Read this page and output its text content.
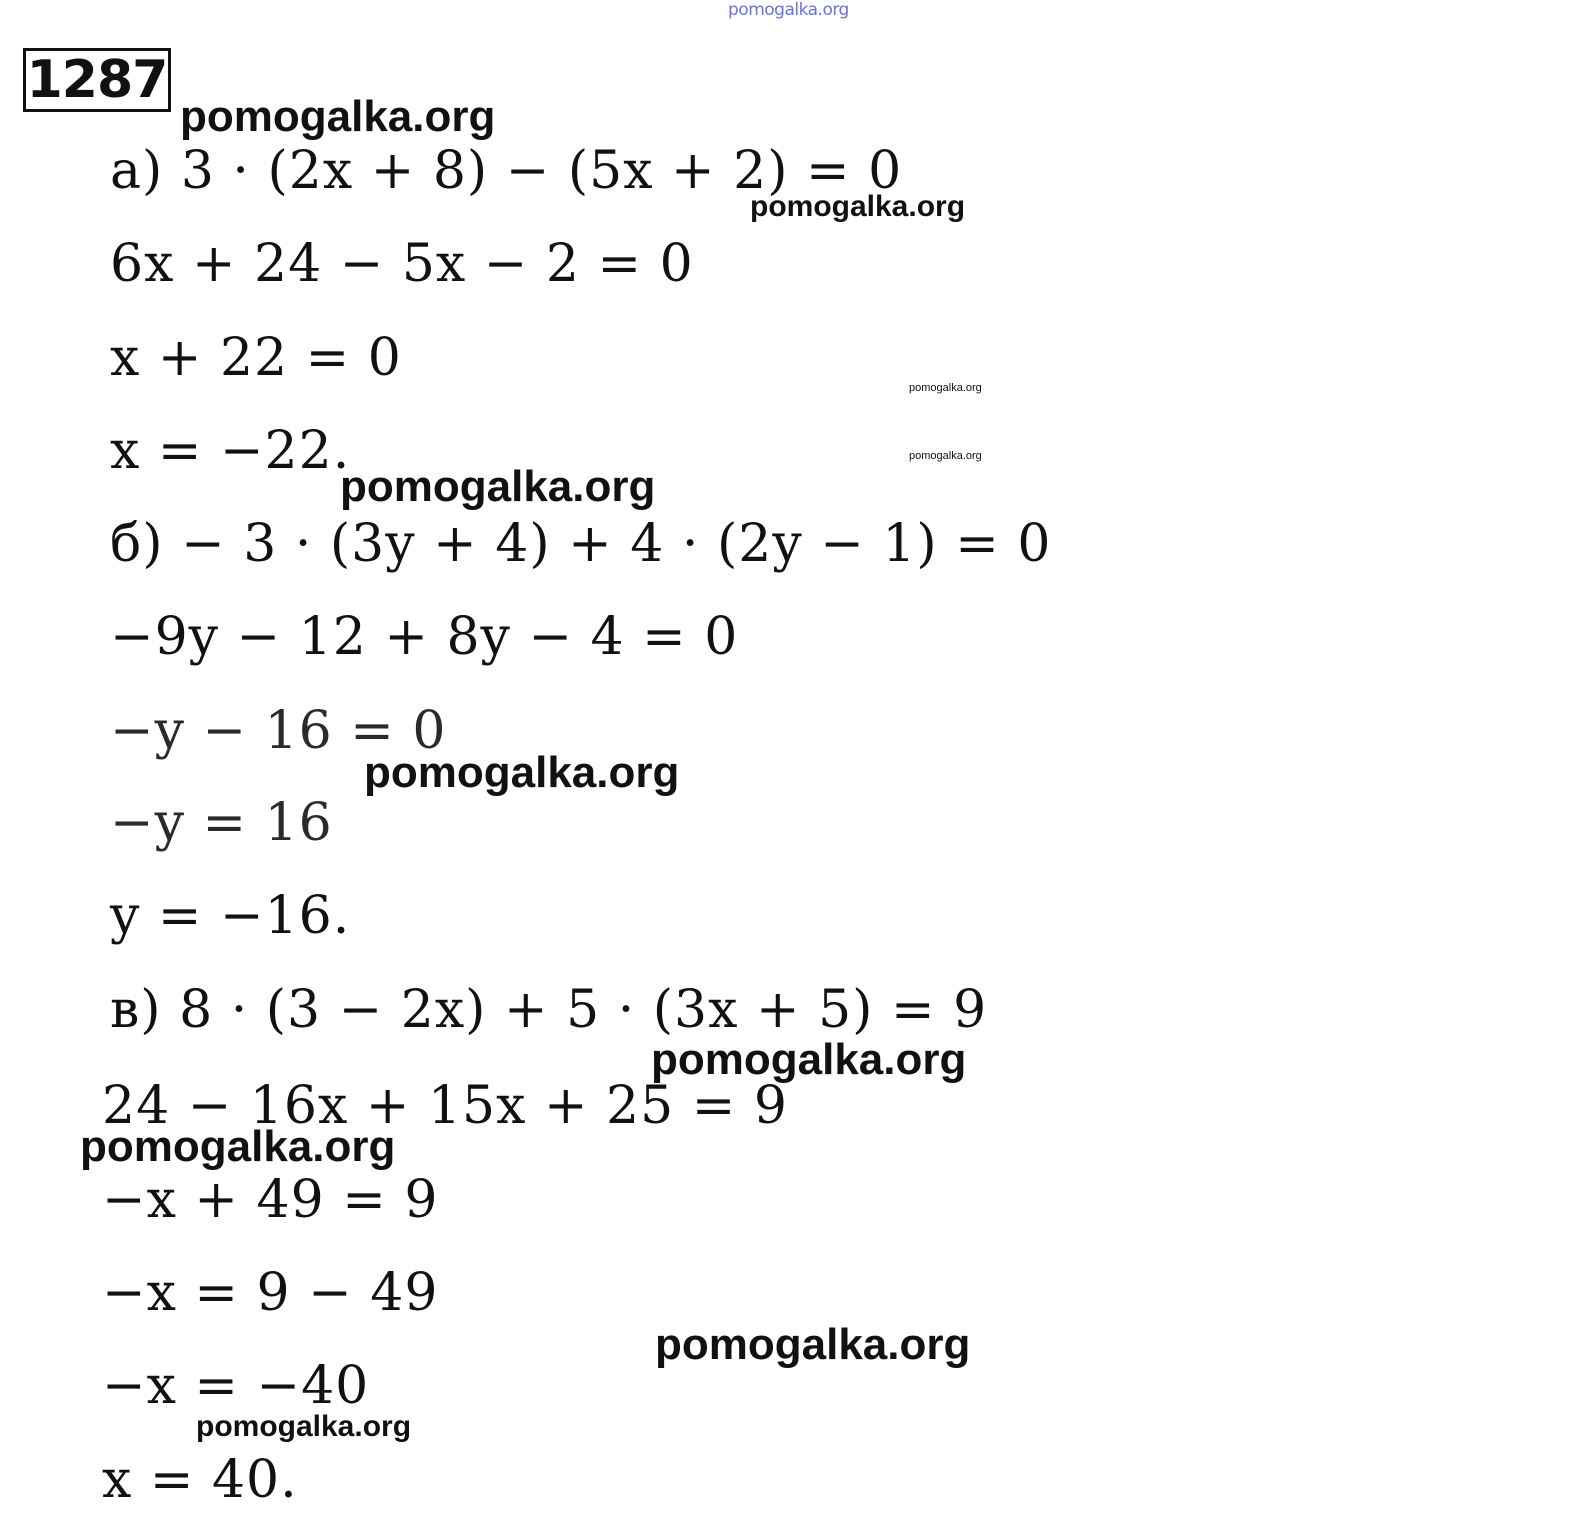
pomogalka.org
1287
pomogalka.org
а) 3 · (2x + 8) − (5x + 2) = 0
pomogalka.org
6x + 24 − 5x − 2 = 0
x + 22 = 0	pomogalka.org
x = −22.	pomogalka.org
pomogalka.org
б) − 3 · (3y + 4) + 4 · (2y − 1) = 0
−9y − 12 + 8y − 4 = 0
−y − 16 = 0
pomogalka.org
−y = 16
y = −16.
в) 8 · (3 − 2x) + 5 · (3x + 5) = 9
pomogalka.org
24 − 16x + 15x + 25 = 9
pomogalka.org
−x + 49 = 9
−x = 9 − 49
pomogalka.org
−x = −40
pomogalka.org
x = 40.
